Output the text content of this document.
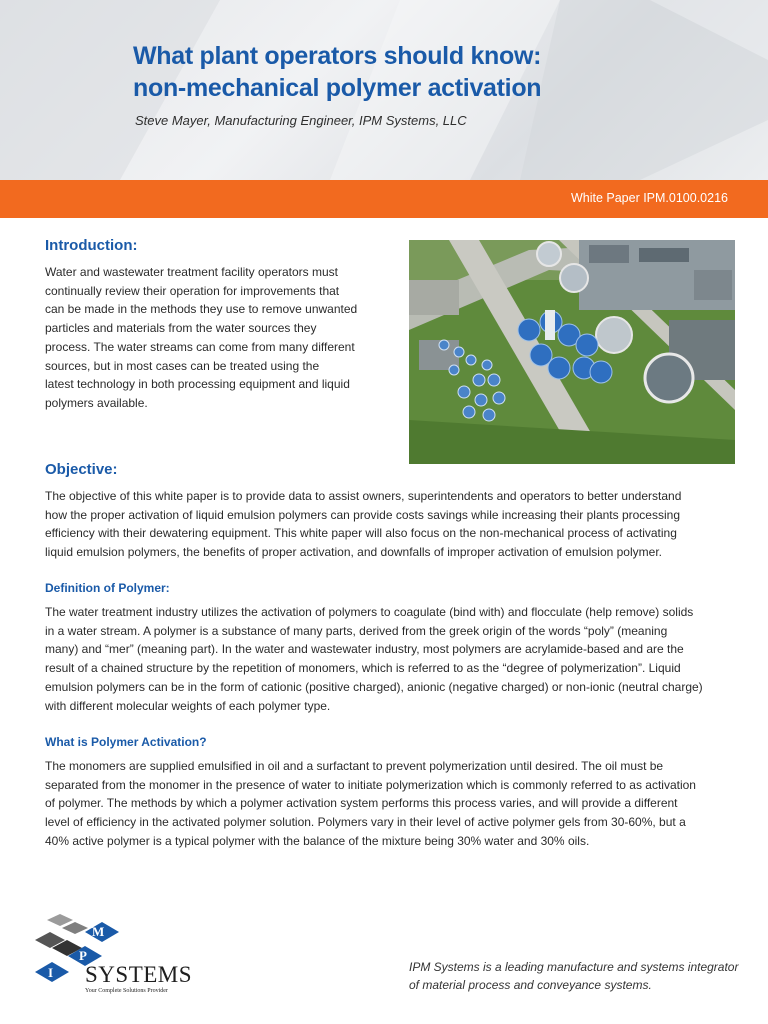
What plant operators should know:
non-mechanical polymer activation
Steve Mayer, Manufacturing Engineer, IPM Systems, LLC
White Paper IPM.0100.0216
Introduction:
Water and wastewater treatment facility operators must
continually review their operation for improvements that
can be made in the methods they use to remove unwanted
particles and materials from the water sources they
process. The water streams can come from many different
sources, but in most cases can be treated using the
latest technology in both processing equipment and liquid
polymers available.
Objective:
The objective of this white paper is to provide data to assist owners, superintendents and operators to better understand
how the proper activation of liquid emulsion polymers can provide costs savings while increasing their plants processing
efficiency with their dewatering equipment. This white paper will also focus on the non-mechanical process of activating
liquid emulsion polymers, the benefits of proper activation, and downfalls of improper activation of emulsion polymer.
Definition of Polymer:
The water treatment industry utilizes the activation of polymers to coagulate (bind with) and flocculate (help remove) solids
in a water stream. A polymer is a substance of many parts, derived from the greek origin of the words “poly” (meaning
many) and “mer” (meaning part). In the water and wastewater industry, most polymers are acrylamide-based and are the
result of a chained structure by the repetition of monomers, which is referred to as the “degree of polymerization”. Liquid
emulsion polymers can be in the form of cationic (positive charged), anionic (negative charged) or non-ionic (neutral charge)
with different molecular weights of each polymer type.
What is Polymer Activation?
The monomers are supplied emulsified in oil and a surfactant to prevent polymerization until desired. The oil must be
separated from the monomer in the presence of water to initiate polymerization which is commonly referred to as activation
of polymer. The methods by which a polymer activation system performs this process varies, and will provide a different
level of efficiency in the activated polymer solution. Polymers vary in their level of active polymer gels from 30-60%, but a
40% active polymer is a typical polymer with the balance of the mixture being 30% water and 30% oils.
M
P
I SYSTEMS
Your Complete Solutions Provider
IPM Systems is a leading manufacture and systems integrator
of material process and conveyance systems.
